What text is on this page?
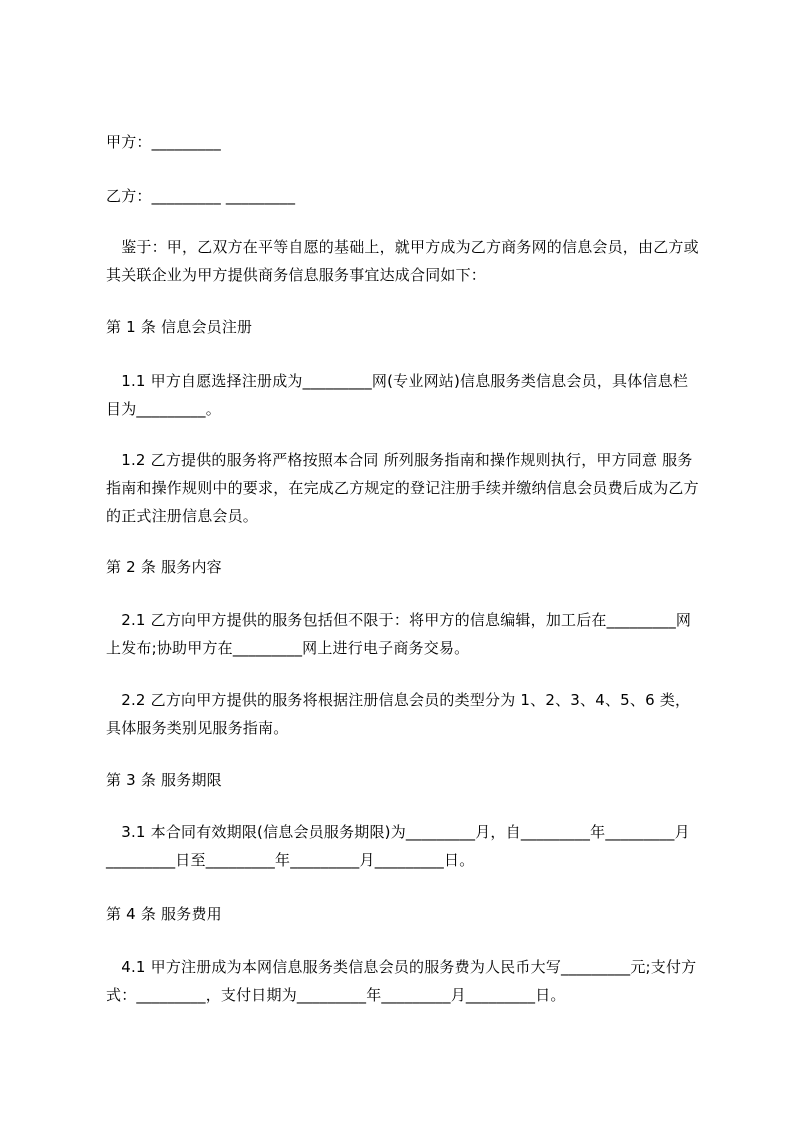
甲方：_________

乙方：_________ _________

　鉴于：甲，乙双方在平等自愿的基础上，就甲方成为乙方商务网的信息会员，由乙方或其关联企业为甲方提供商务信息服务事宜达成合同如下：

第 1 条 信息会员注册

　1.1 甲方自愿选择注册成为_________网(专业网站)信息服务类信息会员，具体信息栏目为_________。

　1.2 乙方提供的服务将严格按照本合同 所列服务指南和操作规则执行，甲方同意 服务指南和操作规则中的要求，在完成乙方规定的登记注册手续并缴纳信息会员费后成为乙方的正式注册信息会员。

第 2 条 服务内容

　2.1 乙方向甲方提供的服务包括但不限于：将甲方的信息编辑，加工后在_________网上发布;协助甲方在_________网上进行电子商务交易。

　2.2 乙方向甲方提供的服务将根据注册信息会员的类型分为 1、2、3、4、5、6 类，具体服务类别见服务指南。

第 3 条 服务期限

　3.1 本合同有效期限(信息会员服务期限)为_________月，自_________年_________月_________日至_________年_________月_________日。

第 4 条 服务费用

　4.1 甲方注册成为本网信息服务类信息会员的服务费为人民币大写_________元;支付方式：_________，支付日期为_________年_________月_________日。
